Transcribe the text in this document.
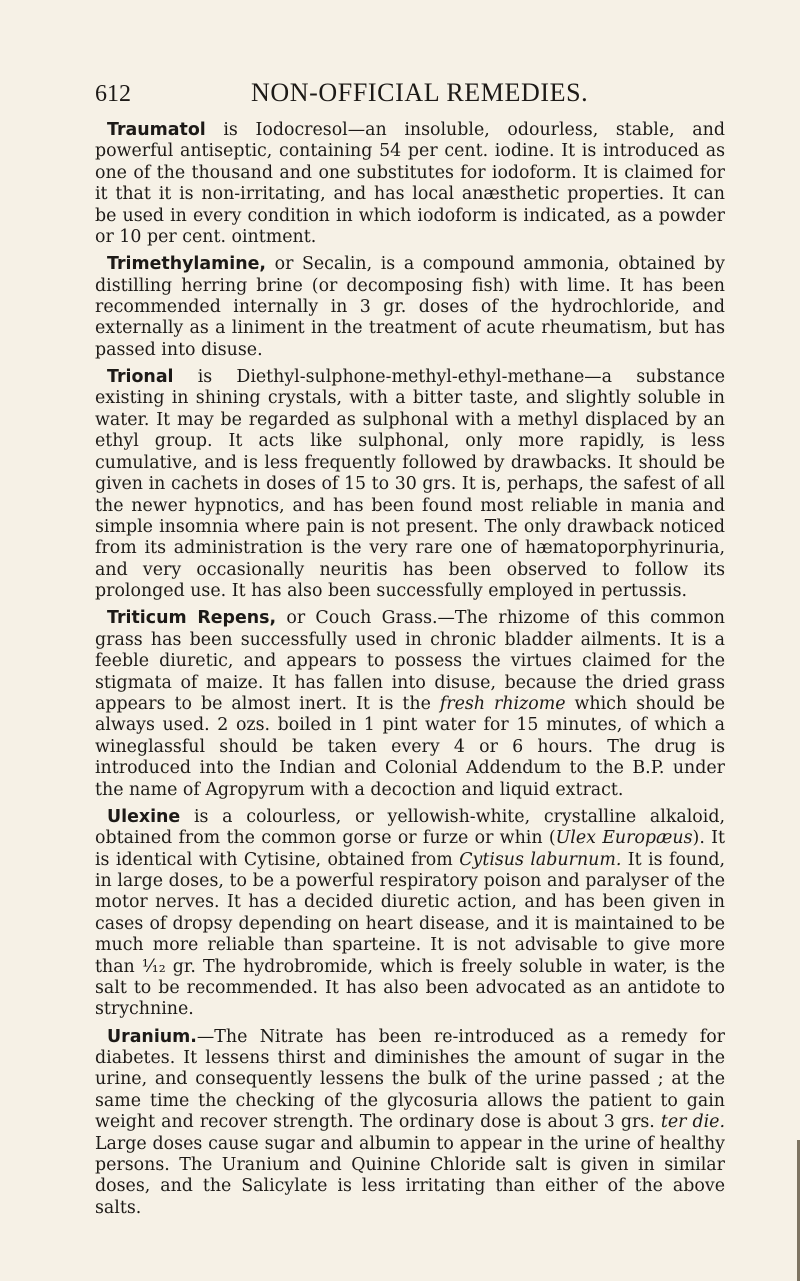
612	NON-OFFICIAL REMEDIES.

Traumatol is Iodocresol—an insoluble, odourless, stable, and powerful antiseptic, containing 54 per cent. iodine. It is introduced as one of the thousand and one substitutes for iodoform. It is claimed for it that it is non-irritating, and has local anæsthetic properties. It can be used in every condition in which iodoform is indicated, as a powder or 10 per cent. ointment.

Trimethylamine, or Secalin, is a compound ammonia, obtained by distilling herring brine (or decomposing fish) with lime. It has been recommended internally in 3 gr. doses of the hydrochloride, and externally as a liniment in the treatment of acute rheumatism, but has passed into disuse.

Trional is Diethyl-sulphone-methyl-ethyl-methane—a substance existing in shining crystals, with a bitter taste, and slightly soluble in water. It may be regarded as sulphonal with a methyl displaced by an ethyl group. It acts like sulphonal, only more rapidly, is less cumulative, and is less frequently followed by drawbacks. It should be given in cachets in doses of 15 to 30 grs. It is, perhaps, the safest of all the newer hypnotics, and has been found most reliable in mania and simple insomnia where pain is not present. The only drawback noticed from its administration is the very rare one of hæmatoporphyrinuria, and very occasionally neuritis has been observed to follow its prolonged use. It has also been successfully employed in pertussis.

Triticum Repens, or Couch Grass.—The rhizome of this common grass has been successfully used in chronic bladder ailments. It is a feeble diuretic, and appears to possess the virtues claimed for the stigmata of maize. It has fallen into disuse, because the dried grass appears to be almost inert. It is the fresh rhizome which should be always used. 2 ozs. boiled in 1 pint water for 15 minutes, of which a wineglassful should be taken every 4 or 6 hours. The drug is introduced into the Indian and Colonial Addendum to the B.P. under the name of Agropyrum with a decoction and liquid extract.

Ulexine is a colourless, or yellowish-white, crystalline alkaloid, obtained from the common gorse or furze or whin (Ulex Europæus). It is identical with Cytisine, obtained from Cytisus laburnum. It is found, in large doses, to be a powerful respiratory poison and paralyser of the motor nerves. It has a decided diuretic action, and has been given in cases of dropsy depending on heart disease, and it is maintained to be much more reliable than sparteine. It is not advisable to give more than ¹⁄₁₂ gr. The hydrobromide, which is freely soluble in water, is the salt to be recommended. It has also been advocated as an antidote to strychnine.

Uranium.—The Nitrate has been re-introduced as a remedy for diabetes. It lessens thirst and diminishes the amount of sugar in the urine, and consequently lessens the bulk of the urine passed ; at the same time the checking of the glycosuria allows the patient to gain weight and recover strength. The ordinary dose is about 3 grs. ter die. Large doses cause sugar and albumin to appear in the urine of healthy persons. The Uranium and Quinine Chloride salt is given in similar doses, and the Salicylate is less irritating than either of the above salts.
